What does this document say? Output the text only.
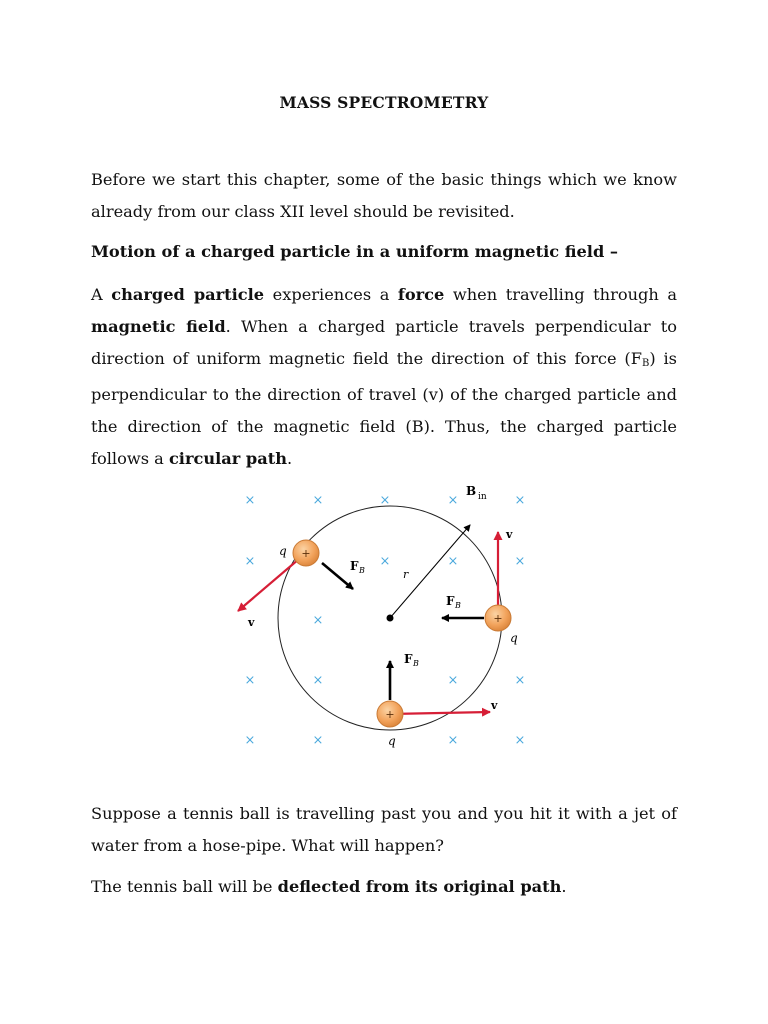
MASS SPECTROMETRY

Before we start this chapter, some of the basic things which we know already from our class XII level should be revisited.

Motion of a charged particle in a uniform magnetic field –

A charged particle experiences a force when travelling through a magnetic field. When a charged particle travels perpendicular to direction of uniform magnetic field the direction of this force $(F_B)$ is perpendicular to the direction of travel (v) of the charged particle and the direction of the magnetic field (B). Thus, the charged particle follows a circular path.

×	×	×	×	×
×	×	×	×
×
×	×	×	×
×	×	×	×
B in
r
F B
F B
F B
v
v
v
+
+
+
q
q
q

Suppose a tennis ball is travelling past you and you hit it with a jet of water from a hose-pipe. What will happen?

The tennis ball will be deflected from its original path.
